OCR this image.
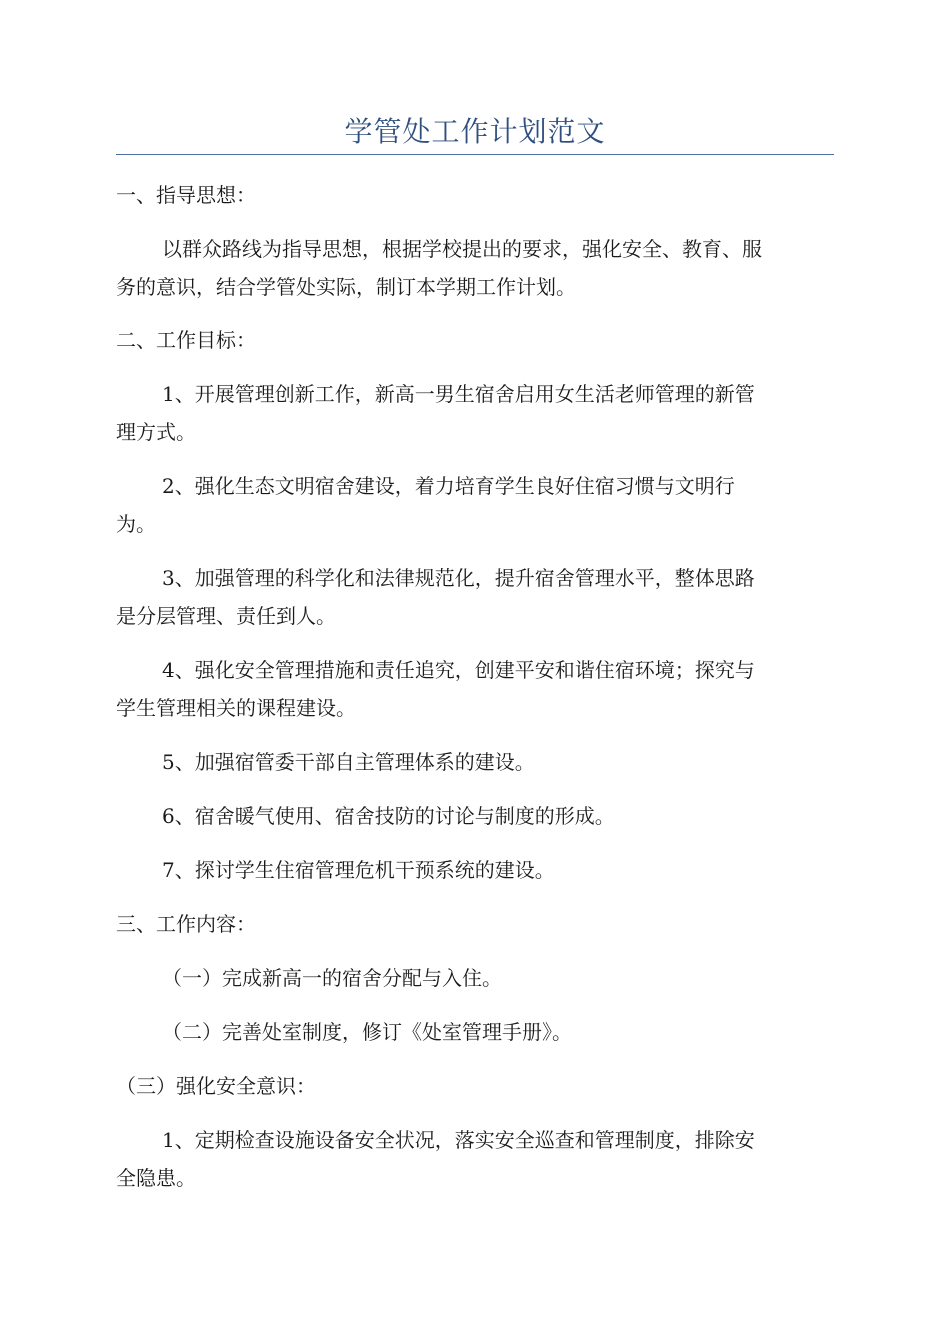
学管处工作计划范文
一、指导思想：
以群众路线为指导思想，根据学校提出的要求，强化安全、教育、服
务的意识，结合学管处实际，制订本学期工作计划。
二、工作目标：
1、开展管理创新工作，新高一男生宿舍启用女生活老师管理的新管
理方式。
2、强化生态文明宿舍建设，着力培育学生良好住宿习惯与文明行
为。
3、加强管理的科学化和法律规范化，提升宿舍管理水平，整体思路
是分层管理、责任到人。
4、强化安全管理措施和责任追究，创建平安和谐住宿环境；探究与
学生管理相关的课程建设。
5、加强宿管委干部自主管理体系的建设。
6、宿舍暖气使用、宿舍技防的讨论与制度的形成。
7、探讨学生住宿管理危机干预系统的建设。
三、工作内容：
（一）完成新高一的宿舍分配与入住。
（二）完善处室制度，修订《处室管理手册》。
（三）强化安全意识：
1、定期检查设施设备安全状况，落实安全巡查和管理制度，排除安
全隐患。
